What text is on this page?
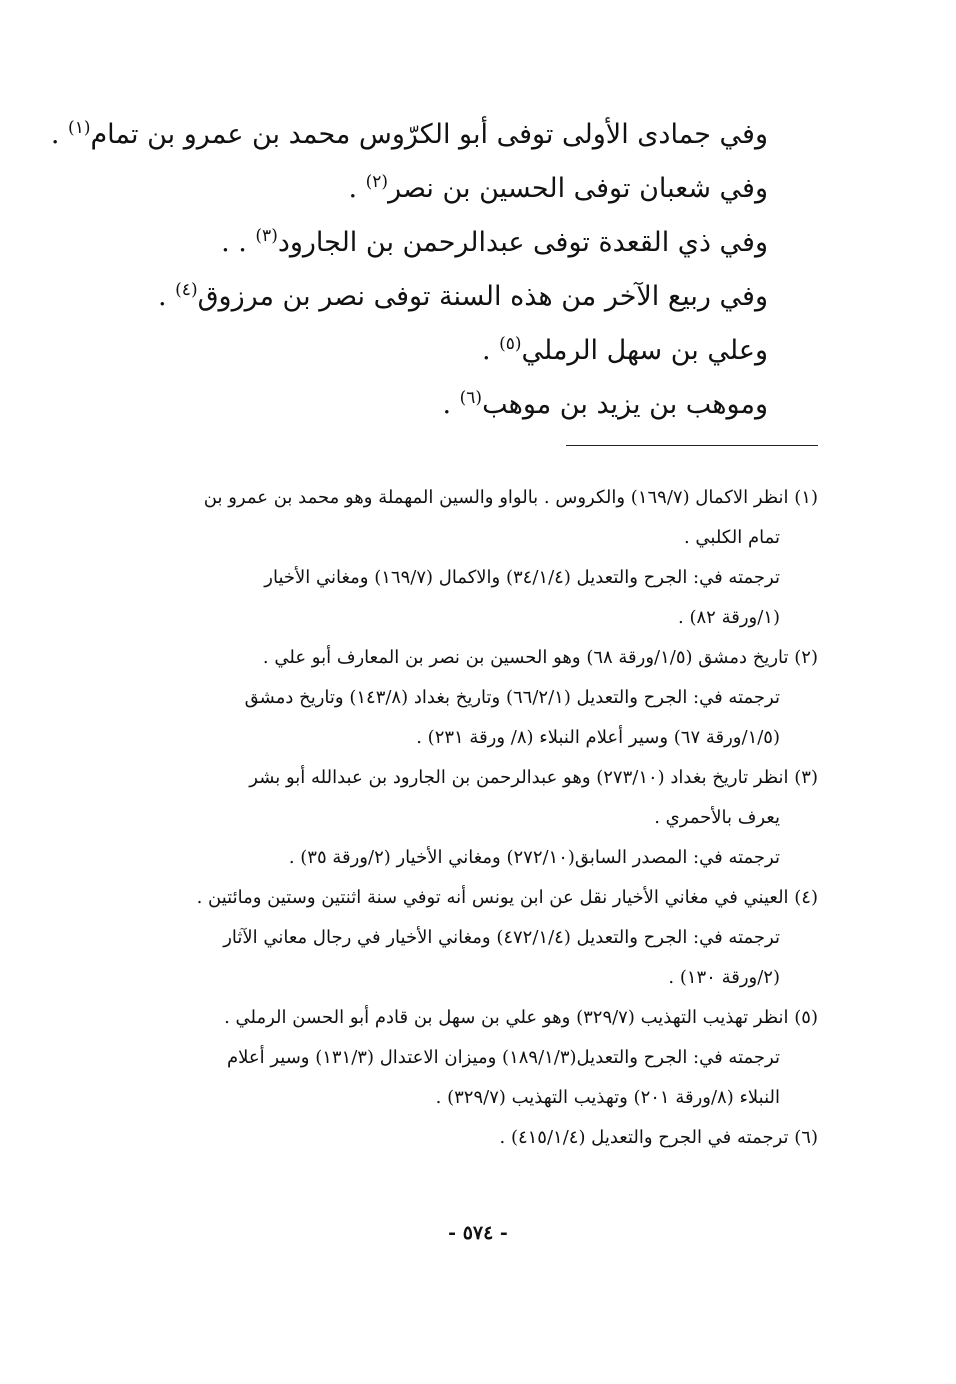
وفي جمادى الأولى توفى أبو الكرّوس محمد بن عمرو بن تمام$^{(١)}$ .
وفي شعبان توفى الحسين بن نصر$^{(٢)}$ .
وفي ذي القعدة توفى عبدالرحمن بن الجارود$^{(٣)}$ . .
وفي ربيع الآخر من هذه السنة توفى نصر بن مرزوق$^{(٤)}$ .
وعلي بن سهل الرملي$^{(٥)}$ .
وموهب بن يزيد بن موهب$^{(٦)}$ .
(١) انظر الاكمال (١٦٩/٧) والكروس . بالواو والسين المهملة وهو محمد بن عمرو بن
تمام الكلبي .
ترجمته في: الجرح والتعديل (٣٤/١/٤) والاكمال (١٦٩/٧) ومغاني الأخيار
(١/ورقة ٨٢) .
(٢) تاريخ دمشق (١/٥/ورقة ٦٨) وهو الحسين بن نصر بن المعارف أبو علي .
ترجمته في: الجرح والتعديل (٦٦/٢/١) وتاريخ بغداد (١٤٣/٨) وتاريخ دمشق
(١/٥/ورقة ٦٧) وسير أعلام النبلاء (٨/ ورقة ٢٣١) .
(٣) انظر تاريخ بغداد (٢٧٣/١٠) وهو عبدالرحمن بن الجارود بن عبدالله أبو بشر
يعرف بالأحمري .
ترجمته في: المصدر السابق(٢٧٢/١٠) ومغاني الأخيار (٢/ورقة ٣٥) .
(٤) العيني في مغاني الأخيار نقل عن ابن يونس أنه توفي سنة اثنتين وستين ومائتين .
ترجمته في: الجرح والتعديل (٤٧٢/١/٤) ومغاني الأخيار في رجال معاني الآثار
(٢/ورقة ١٣٠) .
(٥) انظر تهذيب التهذيب (٣٢٩/٧) وهو علي بن سهل بن قادم أبو الحسن الرملي .
ترجمته في: الجرح والتعديل(١٨٩/١/٣) وميزان الاعتدال (١٣١/٣) وسير أعلام
النبلاء (٨/ورقة ٢٠١) وتهذيب التهذيب (٣٢٩/٧) .
(٦) ترجمته في الجرح والتعديل (٤١٥/١/٤) .
- ٥٧٤ -
